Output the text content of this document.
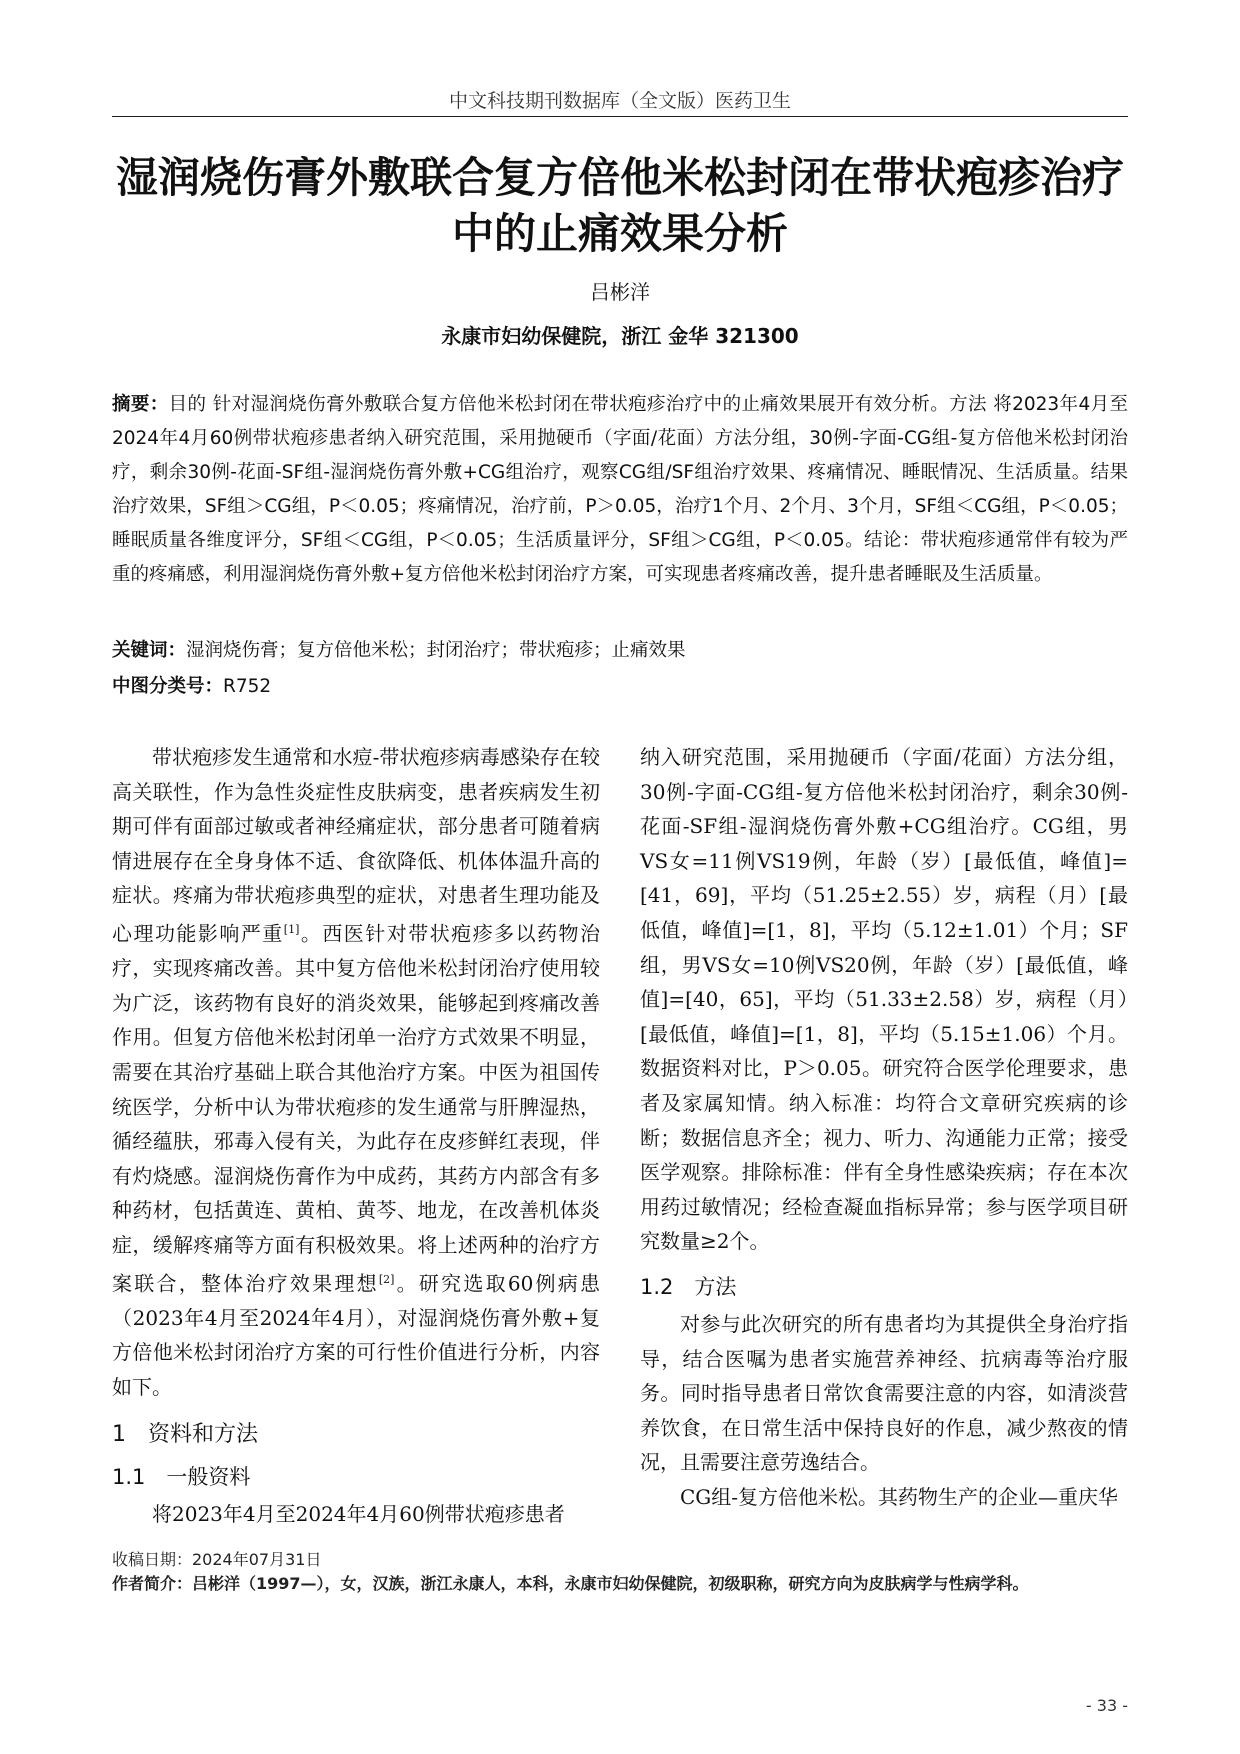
中文科技期刊数据库（全文版）医药卫生
湿润烧伤膏外敷联合复方倍他米松封闭在带状疱疹治疗
中的止痛效果分析
吕彬洋
永康市妇幼保健院，浙江 金华 321300
摘要：目的 针对湿润烧伤膏外敷联合复方倍他米松封闭在带状疱疹治疗中的止痛效果展开有效分析。方法 将2023年4月至2024年4月60例带状疱疹患者纳入研究范围，采用抛硬币（字面/花面）方法分组，30例-字面-CG组-复方倍他米松封闭治疗，剩余30例-花面-SF组-湿润烧伤膏外敷+CG组治疗，观察CG组/SF组治疗效果、疼痛情况、睡眠情况、生活质量。结果 治疗效果，SF组＞CG组，P＜0.05；疼痛情况，治疗前，P＞0.05，治疗1个月、2个月、3个月，SF组＜CG组，P＜0.05；睡眠质量各维度评分，SF组＜CG组，P＜0.05；生活质量评分，SF组＞CG组，P＜0.05。结论：带状疱疹通常伴有较为严重的疼痛感，利用湿润烧伤膏外敷+复方倍他米松封闭治疗方案，可实现患者疼痛改善，提升患者睡眠及生活质量。
关键词：湿润烧伤膏；复方倍他米松；封闭治疗；带状疱疹；止痛效果
中图分类号：R752

带状疱疹发生通常和水痘-带状疱疹病毒感染存在较高关联性，作为急性炎症性皮肤病变，患者疾病发生初期可伴有面部过敏或者神经痛症状，部分患者可随着病情进展存在全身身体不适、食欲降低、机体体温升高的症状。疼痛为带状疱疹典型的症状，对患者生理功能及心理功能影响严重[1]。西医针对带状疱疹多以药物治疗，实现疼痛改善。其中复方倍他米松封闭治疗使用较为广泛，该药物有良好的消炎效果，能够起到疼痛改善作用。但复方倍他米松封闭单一治疗方式效果不明显，需要在其治疗基础上联合其他治疗方案。中医为祖国传统医学，分析中认为带状疱疹的发生通常与肝脾湿热，循经蕴肤，邪毒入侵有关，为此存在皮疹鲜红表现，伴有灼烧感。湿润烧伤膏作为中成药，其药方内部含有多种药材，包括黄连、黄柏、黄芩、地龙，在改善机体炎症，缓解疼痛等方面有积极效果。将上述两种的治疗方案联合，整体治疗效果理想[2]。研究选取60例病患（2023年4月至2024年4月），对湿润烧伤膏外敷+复方倍他米松封闭治疗方案的可行性价值进行分析，内容如下。

1　资料和方法

1.1　一般资料

将2023年4月至2024年4月60例带状疱疹患者

纳入研究范围，采用抛硬币（字面/花面）方法分组，30例-字面-CG组-复方倍他米松封闭治疗，剩余30例-花面-SF组-湿润烧伤膏外敷+CG组治疗。CG组，男VS女=11例VS19例，年龄（岁）[最低值，峰值]=[41，69]，平均（51.25±2.55）岁，病程（月）[最低值，峰值]=[1，8]，平均（5.12±1.01）个月；SF组，男VS女=10例VS20例，年龄（岁）[最低值，峰值]=[40，65]，平均（51.33±2.58）岁，病程（月）[最低值，峰值]=[1，8]，平均（5.15±1.06）个月。数据资料对比，P＞0.05。研究符合医学伦理要求，患者及家属知情。纳入标准：均符合文章研究疾病的诊断；数据信息齐全；视力、听力、沟通能力正常；接受医学观察。排除标准：伴有全身性感染疾病；存在本次用药过敏情况；经检查凝血指标异常；参与医学项目研究数量≥2个。

1.2　方法

对参与此次研究的所有患者均为其提供全身治疗指导，结合医嘱为患者实施营养神经、抗病毒等治疗服务。同时指导患者日常饮食需要注意的内容，如清淡营养饮食，在日常生活中保持良好的作息，减少熬夜的情况，且需要注意劳逸结合。

CG组-复方倍他米松。其药物生产的企业—重庆华

收稿日期：2024年07月31日
作者简介：吕彬洋（1997—），女，汉族，浙江永康人，本科，永康市妇幼保健院，初级职称，研究方向为皮肤病学与性病学科。
- 33 -
